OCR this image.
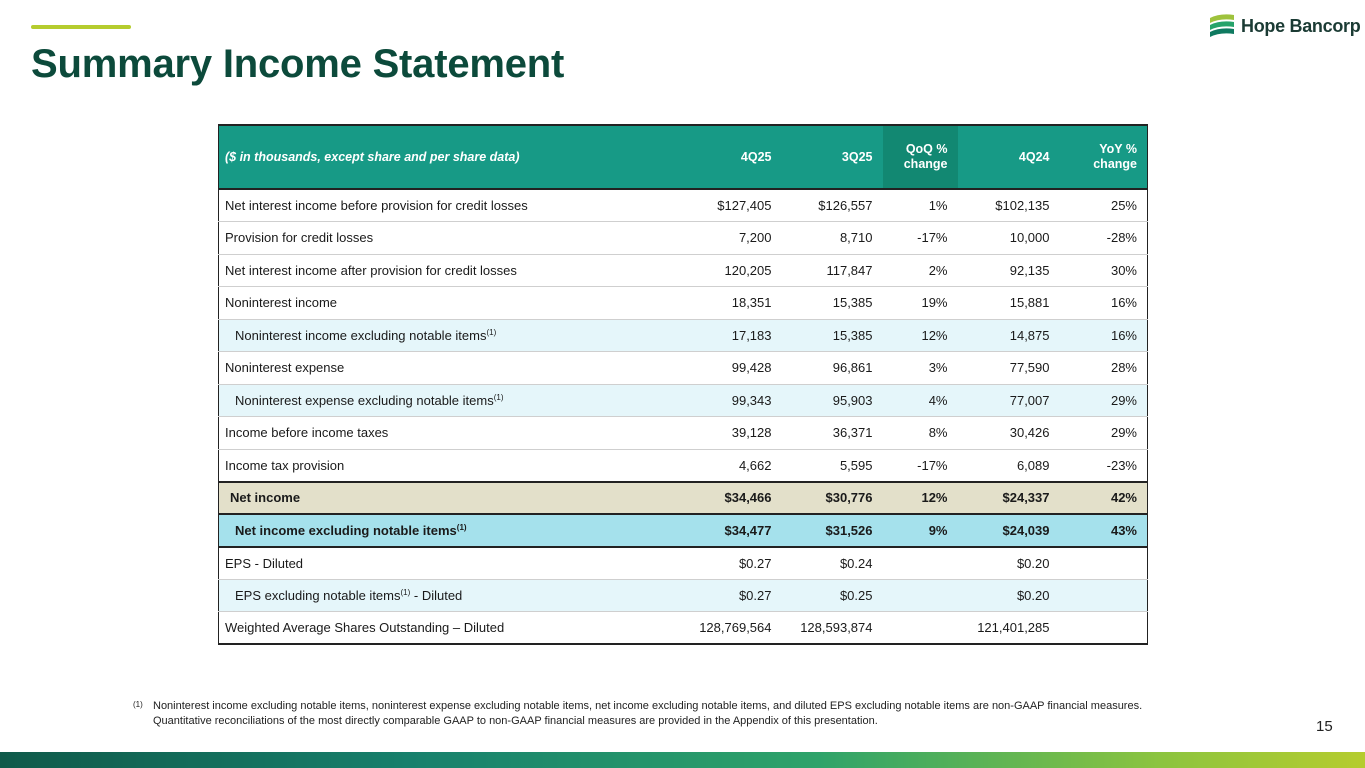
Summary Income Statement
Hope Bancorp
($ in thousands, except share and per share data)	4Q25	3Q25	QoQ % change	4Q24	YoY % change
Net interest income before provision for credit losses	$127,405	$126,557	1%	$102,135	25%
Provision for credit losses	7,200	8,710	-17%	10,000	-28%
Net interest income after provision for credit losses	120,205	117,847	2%	92,135	30%
Noninterest income	18,351	15,385	19%	15,881	16%
Noninterest income excluding notable items$^{(1)}$	17,183	15,385	12%	14,875	16%
Noninterest expense	99,428	96,861	3%	77,590	28%
Noninterest expense excluding notable items$^{(1)}$	99,343	95,903	4%	77,007	29%
Income before income taxes	39,128	36,371	8%	30,426	29%
Income tax provision	4,662	5,595	-17%	6,089	-23%
Net income	$34,466	$30,776	12%	$24,337	42%
Net income excluding notable items$^{(1)}$	$34,477	$31,526	9%	$24,039	43%
EPS - Diluted	$0.27	$0.24		$0.20	
EPS excluding notable items$^{(1)}$ - Diluted	$0.27	$0.25		$0.20	
Weighted Average Shares Outstanding – Diluted	128,769,564	128,593,874		121,401,285	
(1) Noninterest income excluding notable items, noninterest expense excluding notable items, net income excluding notable items, and diluted EPS excluding notable items are non-GAAP financial measures.
Quantitative reconciliations of the most directly comparable GAAP to non-GAAP financial measures are provided in the Appendix of this presentation.	15
